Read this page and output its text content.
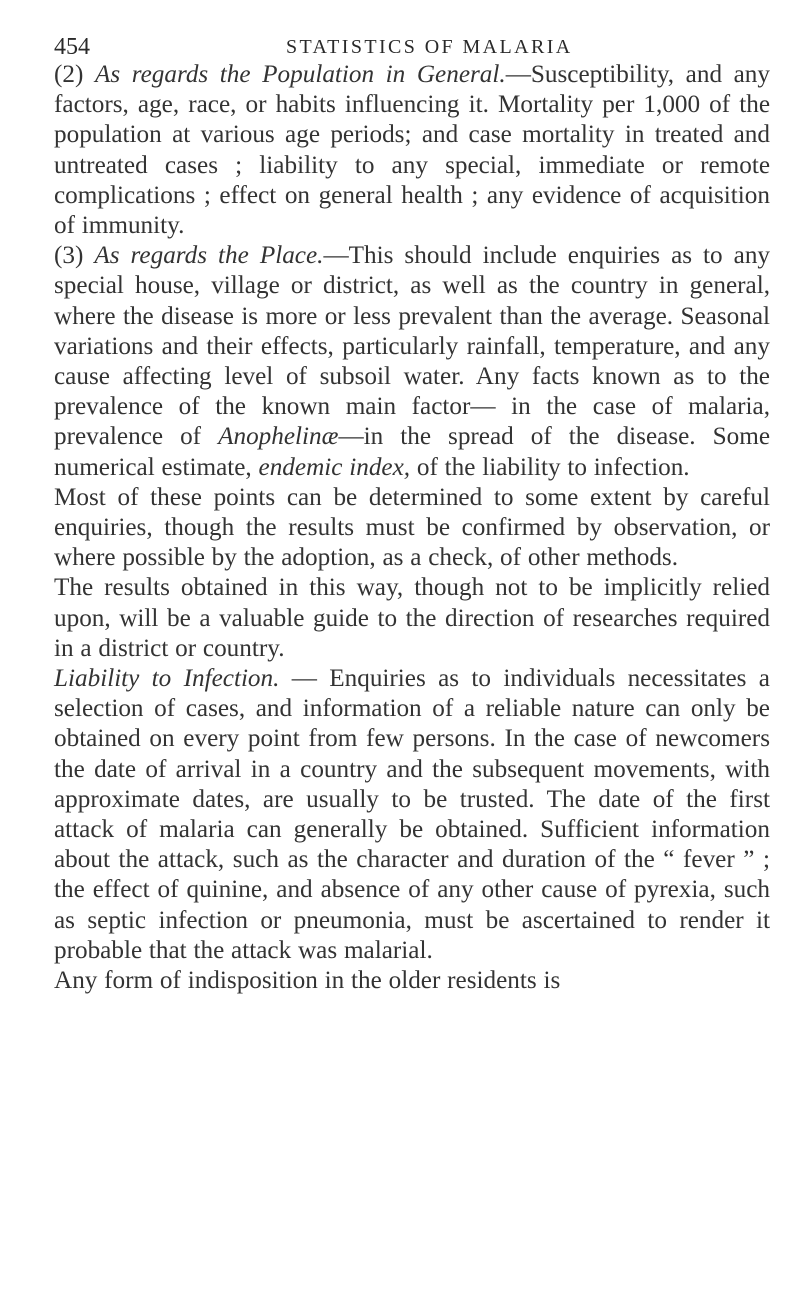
454	STATISTICS OF MALARIA

(2) As regards the Population in General.—Susceptibility, and any factors, age, race, or habits influencing it. Mortality per 1,000 of the population at various age periods; and case mortality in treated and untreated cases ; liability to any special, immediate or remote complications ; effect on general health ; any evidence of acquisition of immunity.

(3) As regards the Place.—This should include enquiries as to any special house, village or district, as well as the country in general, where the disease is more or less prevalent than the average. Seasonal variations and their effects, particularly rainfall, temperature, and any cause affecting level of subsoil water. Any facts known as to the prevalence of the known main factor— in the case of malaria, prevalence of Anophelinæ—in the spread of the disease. Some numerical estimate, endemic index, of the liability to infection.

Most of these points can be determined to some extent by careful enquiries, though the results must be confirmed by observation, or where possible by the adoption, as a check, of other methods.

The results obtained in this way, though not to be implicitly relied upon, will be a valuable guide to the direction of researches required in a district or country.

Liability to Infection. — Enquiries as to individuals necessitates a selection of cases, and information of a reliable nature can only be obtained on every point from few persons. In the case of newcomers the date of arrival in a country and the subsequent movements, with approximate dates, are usually to be trusted. The date of the first attack of malaria can generally be obtained. Sufficient information about the attack, such as the character and duration of the “ fever ” ; the effect of quinine, and absence of any other cause of pyrexia, such as septic infection or pneumonia, must be ascertained to render it probable that the attack was malarial.

Any form of indisposition in the older residents is
